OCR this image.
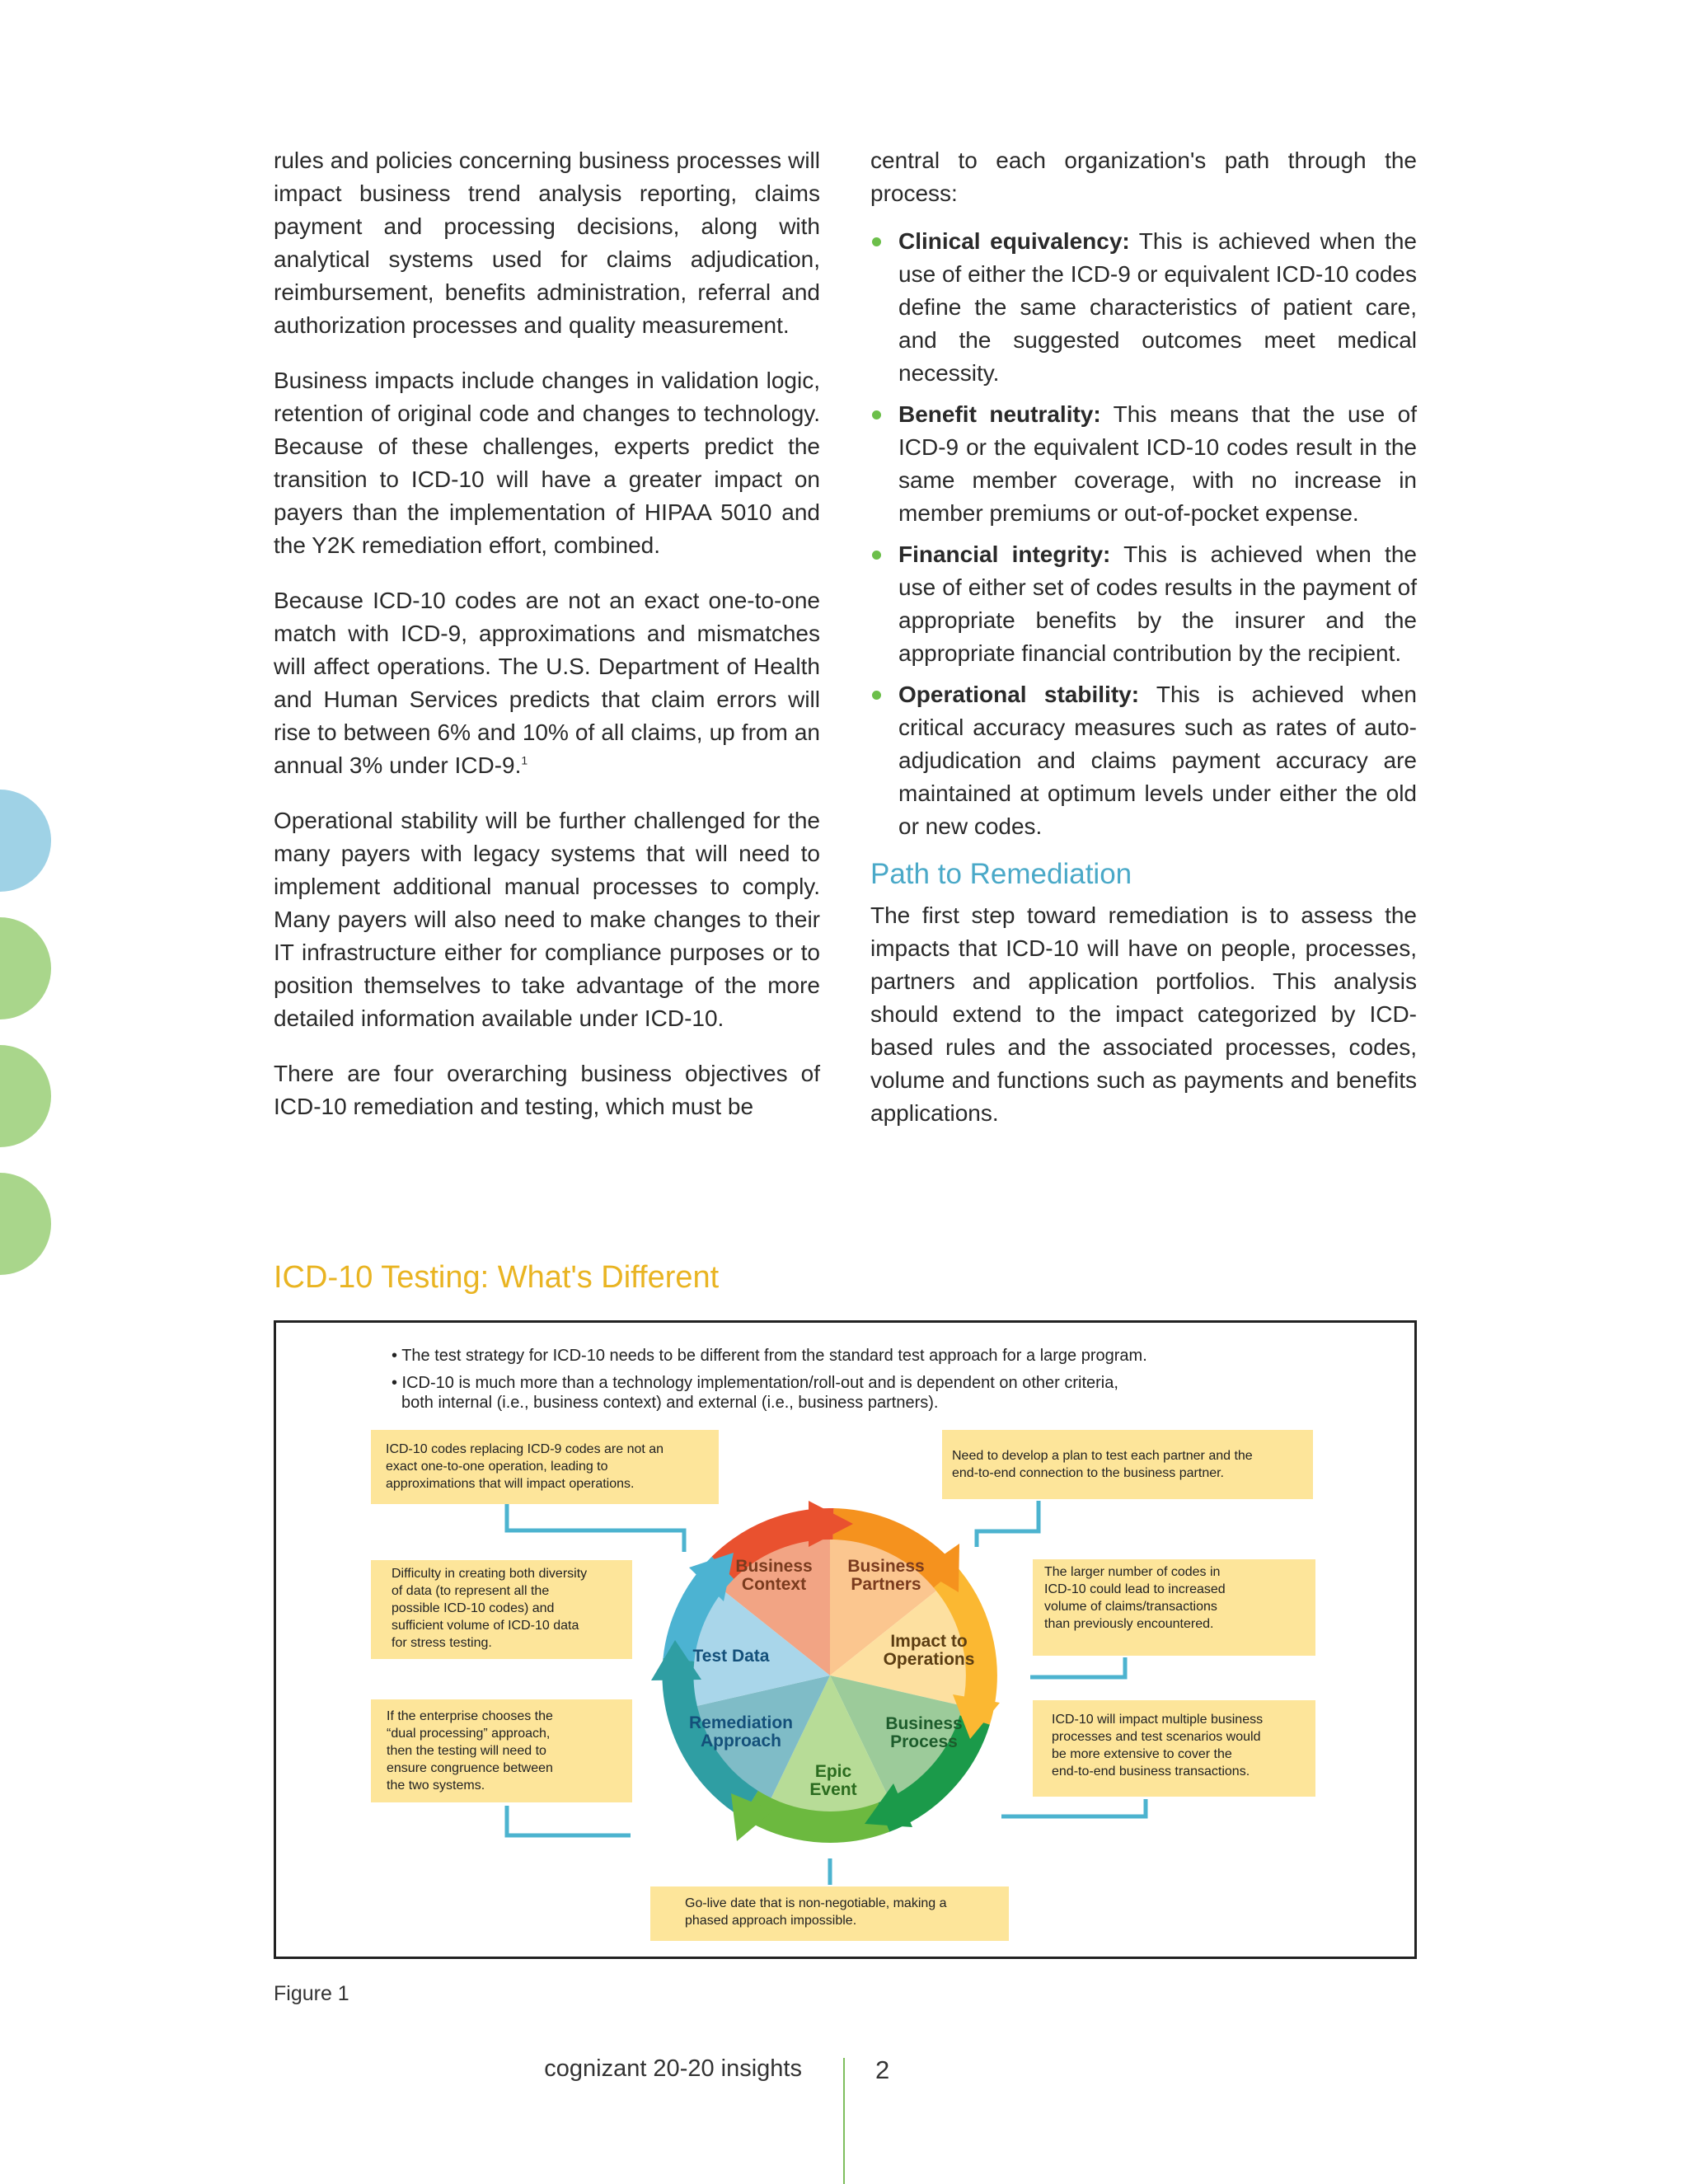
rules and policies concerning business processes will impact business trend analysis reporting, claims payment and processing decisions, along with analytical systems used for claims adjudication, reimbursement, benefits administration, referral and authorization processes and quality measurement.

Business impacts include changes in validation logic, retention of original code and changes to technology. Because of these challenges, experts predict the transition to ICD-10 will have a greater impact on payers than the implementation of HIPAA 5010 and the Y2K remediation effort, combined.

Because ICD-10 codes are not an exact one-to-one match with ICD-9, approximations and mismatches will affect operations. The U.S. Department of Health and Human Services predicts that claim errors will rise to between 6% and 10% of all claims, up from an annual 3% under ICD-9.$^1$

Operational stability will be further challenged for the many payers with legacy systems that will need to implement additional manual processes to comply. Many payers will also need to make changes to their IT infrastructure either for compliance purposes or to position themselves to take advantage of the more detailed information available under ICD-10.

There are four overarching business objectives of ICD-10 remediation and testing, which must be

central to each organization's path through the process:

Clinical equivalency: This is achieved when the use of either the ICD-9 or equivalent ICD-10 codes define the same characteristics of patient care, and the suggested outcomes meet medical necessity.
Benefit neutrality: This means that the use of ICD-9 or the equivalent ICD-10 codes result in the same member coverage, with no increase in member premiums or out-of-pocket expense.
Financial integrity: This is achieved when the use of either set of codes results in the payment of appropriate benefits by the insurer and the appropriate financial contribution by the recipient.
Operational stability: This is achieved when critical accuracy measures such as rates of auto-adjudication and claims payment accuracy are maintained at optimum levels under either the old or new codes.
Path to Remediation

The first step toward remediation is to assess the impacts that ICD-10 will have on people, processes, partners and application portfolios. This analysis should extend to the impact categorized by ICD-based rules and the associated processes, codes, volume and functions such as payments and benefits applications.

ICD-10 Testing: What's Different
• The test strategy for ICD-10 needs to be different from the standard test approach for a large program.
• ICD-10 is much more than a technology implementation/roll-out and is dependent on other criteria,
both internal (i.e., business context) and external (i.e., business partners).
Business Context
Business Partners
Impact to Operations
Business Process
Epic Event
Remediation Approach
Test Data
ICD-10 codes replacing ICD-9 codes are not an exact one-to-one operation, leading to approximations that will impact operations.
Difficulty in creating both diversity of data (to represent all the possible ICD-10 codes) and sufficient volume of ICD-10 data for stress testing.
If the enterprise chooses the “dual processing” approach, then the testing will need to ensure congruence between the two systems.
Need to develop a plan to test each partner and the end-to-end connection to the business partner.
The larger number of codes in ICD-10 could lead to increased volume of claims/transactions than previously encountered.
ICD-10 will impact multiple business processes and test scenarios would be more extensive to cover the end-to-end business transactions.
Go-live date that is non-negotiable, making a phased approach impossible.
Figure 1
cognizant 20-20 insights	2
